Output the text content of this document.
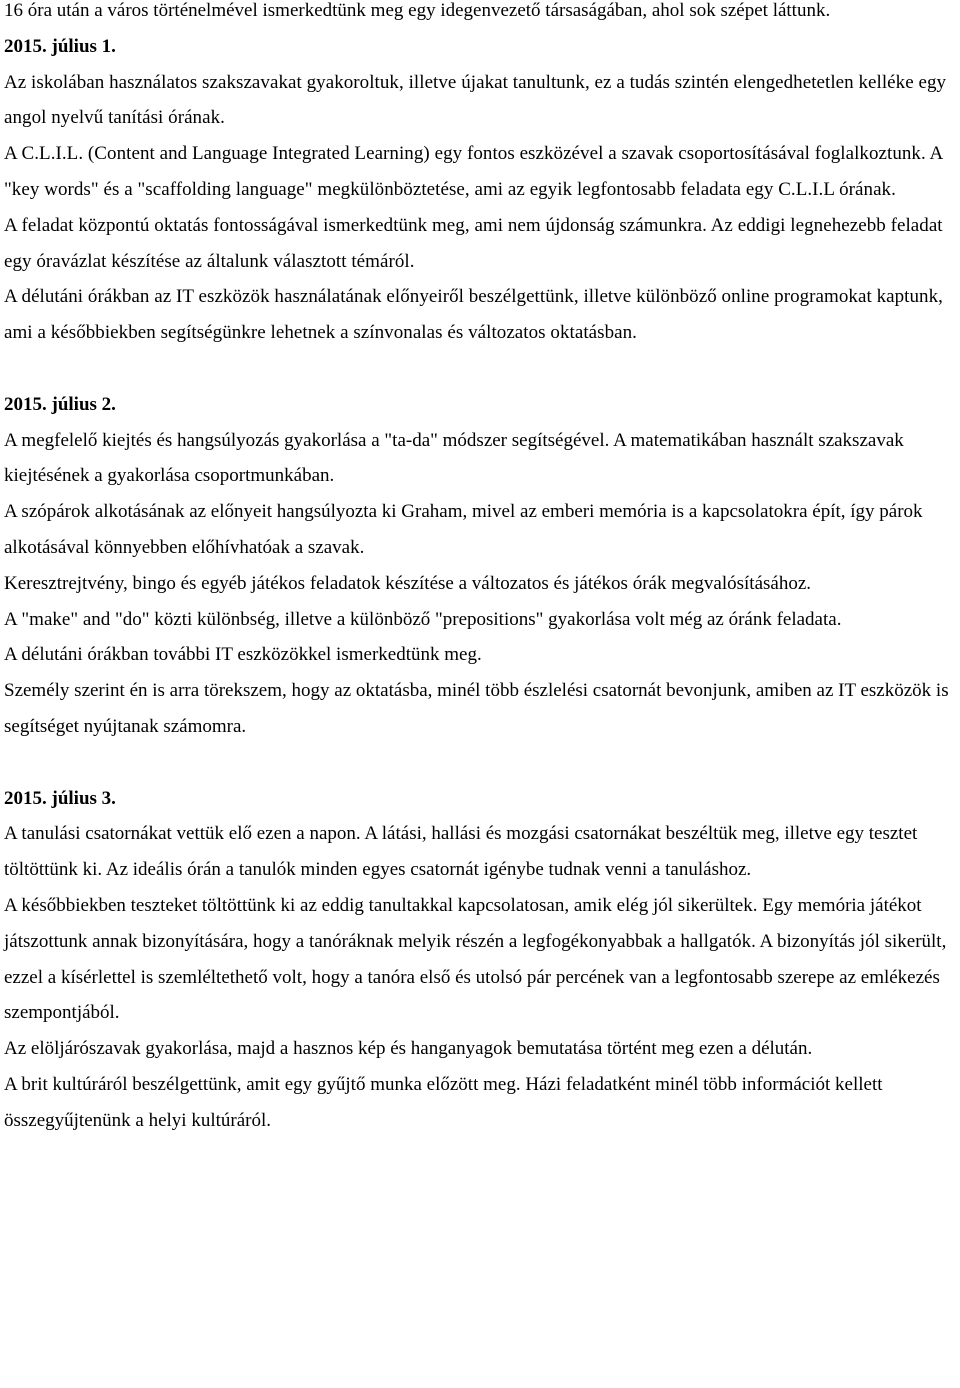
16 óra után a város történelmével ismerkedtünk meg egy idegenvezető társaságában, ahol sok szépet láttunk.

2015. július 1.

Az iskolában használatos szakszavakat gyakoroltuk, illetve újakat tanultunk, ez a tudás szintén elengedhetetlen kelléke egy angol nyelvű tanítási órának.

A C.L.I.L. (Content and Language Integrated Learning) egy fontos eszközével a szavak csoportosításával foglalkoztunk. A "key words" és a "scaffolding language" megkülönböztetése, ami az egyik legfontosabb feladata egy C.L.I.L órának.

A feladat központú oktatás fontosságával ismerkedtünk meg, ami nem újdonság számunkra. Az eddigi legnehezebb feladat egy óravázlat készítése az általunk választott témáról.

A délutáni órákban az IT eszközök használatának előnyeiről beszélgettünk, illetve különböző online programokat kaptunk, ami a későbbiekben segítségünkre lehetnek a színvonalas és változatos oktatásban.

2015. július 2.

A megfelelő kiejtés és hangsúlyozás gyakorlása a "ta-da" módszer segítségével. A matematikában használt szakszavak kiejtésének a gyakorlása csoportmunkában.

A szópárok alkotásának az előnyeit hangsúlyozta ki Graham, mivel az emberi memória is a kapcsolatokra épít, így párok alkotásával könnyebben előhívhatóak a szavak.

Keresztrejtvény, bingo és egyéb játékos feladatok készítése a változatos és játékos órák megvalósításához.

A "make" and "do" közti különbség, illetve a különböző "prepositions" gyakorlása volt még az óránk feladata.

A délutáni órákban további IT eszközökkel ismerkedtünk meg.

Személy szerint én is arra törekszem, hogy az oktatásba, minél több észlelési csatornát bevonjunk, amiben az IT eszközök is segítséget nyújtanak számomra.

2015. július 3.

A tanulási csatornákat vettük elő ezen a napon. A látási, hallási és mozgási csatornákat beszéltük meg, illetve egy tesztet töltöttünk ki. Az ideális órán a tanulók minden egyes csatornát igénybe tudnak venni a tanuláshoz.

A későbbiekben teszteket töltöttünk ki az eddig tanultakkal kapcsolatosan, amik elég jól sikerültek. Egy memória játékot játszottunk annak bizonyítására, hogy a tanóráknak melyik részén a legfogékonyabbak a hallgatók. A bizonyítás jól sikerült, ezzel a kísérlettel is szemléltethető volt, hogy a tanóra első és utolsó pár percének van a legfontosabb szerepe az emlékezés szempontjából.

Az elöljárószavak gyakorlása, majd a hasznos kép és hanganyagok bemutatása történt meg ezen a délután.

A brit kultúráról beszélgettünk, amit egy gyűjtő munka előzött meg. Házi feladatként minél több információt kellett összegyűjtenünk a helyi kultúráról.
